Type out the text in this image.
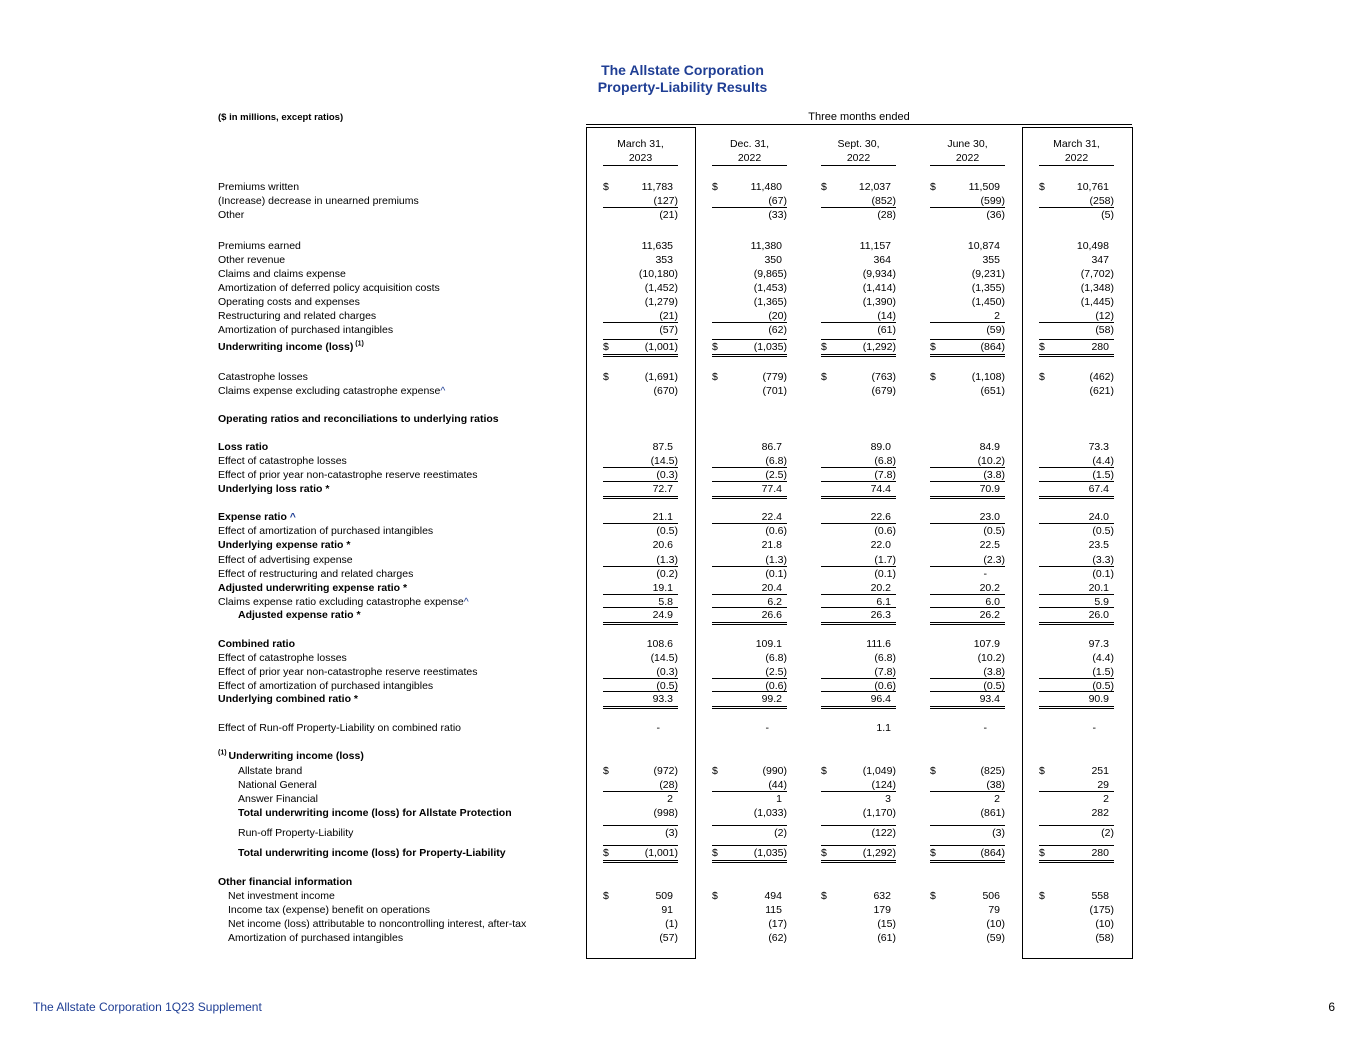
The Allstate Corporation
Property-Liability Results
($ in millions, except ratios)	Three months ended
March 31,
2023
Dec. 31,
2022
Sept. 30,
2022
June 30,
2022
March 31,
2022
Premiums written	$	11,783	$	11,480	$	12,037	$	11,509	$	10,761
(Increase) decrease in unearned premiums	(127)	(67)	(852)	(599)	(258)
Other	(21)	(33)	(28)	(36)	(5)
Premiums earned	11,635	11,380	11,157	10,874	10,498
Other revenue	353	350	364	355	347
Claims and claims expense	(10,180)	(9,865)	(9,934)	(9,231)	(7,702)
Amortization of deferred policy acquisition costs	(1,452)	(1,453)	(1,414)	(1,355)	(1,348)
Operating costs and expenses	(1,279)	(1,365)	(1,390)	(1,450)	(1,445)
Restructuring and related charges	(21)	(20)	(14)	2	(12)
Amortization of purchased intangibles	(57)	(62)	(61)	(59)	(58)
Underwriting income (loss) $^{(1)}$	$	(1,001)	$	(1,035)	$	(1,292)	$	(864)	$	280
Catastrophe losses	$	(1,691)	$	(779)	$	(763)	$	(1,108)	$	(462)
Claims expense excluding catastrophe expense^	(670)	(701)	(679)	(651)	(621)
Operating ratios and reconciliations to underlying ratios
Loss ratio	87.5	86.7	89.0	84.9	73.3
Effect of catastrophe losses	(14.5)	(6.8)	(6.8)	(10.2)	(4.4)
Effect of prior year non-catastrophe reserve reestimates	(0.3)	(2.5)	(7.8)	(3.8)	(1.5)
Underlying loss ratio *	72.7	77.4	74.4	70.9	67.4
Expense ratio ^	21.1	22.4	22.6	23.0	24.0
Effect of amortization of purchased intangibles	(0.5)	(0.6)	(0.6)	(0.5)	(0.5)
Underlying expense ratio *	20.6	21.8	22.0	22.5	23.5
Effect of advertising expense	(1.3)	(1.3)	(1.7)	(2.3)	(3.3)
Effect of restructuring and related charges	(0.2)	(0.1)	(0.1)	-	(0.1)
Adjusted underwriting expense ratio *	19.1	20.4	20.2	20.2	20.1
Claims expense ratio excluding catastrophe expense^	5.8	6.2	6.1	6.0	5.9
Adjusted expense ratio *	24.9	26.6	26.3	26.2	26.0
Combined ratio	108.6	109.1	111.6	107.9	97.3
Effect of catastrophe losses	(14.5)	(6.8)	(6.8)	(10.2)	(4.4)
Effect of prior year non-catastrophe reserve reestimates	(0.3)	(2.5)	(7.8)	(3.8)	(1.5)
Effect of amortization of purchased intangibles	(0.5)	(0.6)	(0.6)	(0.5)	(0.5)
Underlying combined ratio *	93.3	99.2	96.4	93.4	90.9
Effect of Run-off Property-Liability on combined ratio	-	-	1.1	-	-
$^{(1)}$ Underwriting income (loss)
Allstate brand	$	(972)	$	(990)	$	(1,049)	$	(825)	$	251
National General	(28)	(44)	(124)	(38)	29
Answer Financial	2	1	3	2	2
Total underwriting income (loss) for Allstate Protection	(998)	(1,033)	(1,170)	(861)	282
Run-off Property-Liability	(3)	(2)	(122)	(3)	(2)
Total underwriting income (loss) for Property-Liability	$	(1,001)	$	(1,035)	$	(1,292)	$	(864)	$	280
Other financial information
Net investment income	$	509	$	494	$	632	$	506	$	558
Income tax (expense) benefit on operations	91	115	179	79	(175)
Net income (loss) attributable to noncontrolling interest, after-tax	(1)	(17)	(15)	(10)	(10)
Amortization of purchased intangibles	(57)	(62)	(61)	(59)	(58)
The Allstate Corporation 1Q23 Supplement	6
